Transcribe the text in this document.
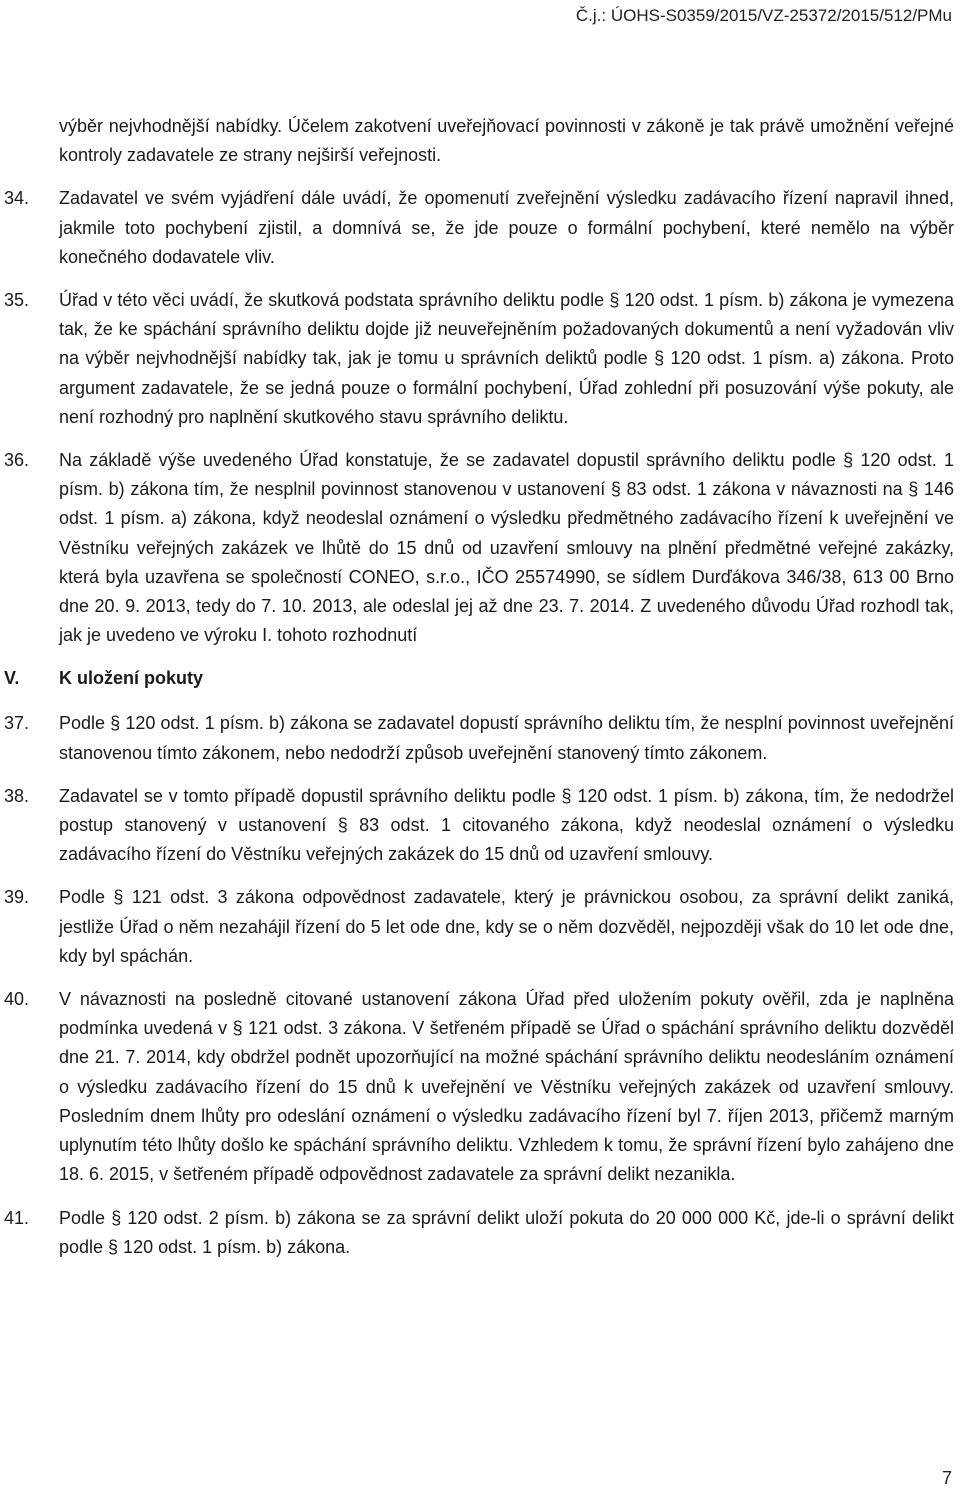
Č.j.: ÚOHS-S0359/2015/VZ-25372/2015/512/PMu
výběr nejvhodnější nabídky. Účelem zakotvení uveřejňovací povinnosti v zákoně je tak právě umožnění veřejné kontroly zadavatele ze strany nejširší veřejnosti.
34.	Zadavatel ve svém vyjádření dále uvádí, že opomenutí zveřejnění výsledku zadávacího řízení napravil ihned, jakmile toto pochybení zjistil, a domnívá se, že jde pouze o formální pochybení, které nemělo na výběr konečného dodavatele vliv.
35.	Úřad v této věci uvádí, že skutková podstata správního deliktu podle § 120 odst. 1 písm. b) zákona je vymezena tak, že ke spáchání správního deliktu dojde již neuveřejněním požadovaných dokumentů a není vyžadován vliv na výběr nejvhodnější nabídky tak, jak je tomu u správních deliktů podle § 120 odst. 1 písm. a) zákona. Proto argument zadavatele, že se jedná pouze o formální pochybení, Úřad zohlední při posuzování výše pokuty, ale není rozhodný pro naplnění skutkového stavu správního deliktu.
36.	Na základě výše uvedeného Úřad konstatuje, že se zadavatel dopustil správního deliktu podle § 120 odst. 1 písm. b) zákona tím, že nesplnil povinnost stanovenou v ustanovení § 83 odst. 1 zákona v návaznosti na § 146 odst. 1 písm. a) zákona, když neodeslal oznámení o výsledku předmětného zadávacího řízení k uveřejnění ve Věstníku veřejných zakázek ve lhůtě do 15 dnů od uzavření smlouvy na plnění předmětné veřejné zakázky, která byla uzavřena se společností CONEO, s.r.o., IČO 25574990, se sídlem Durďákova 346/38, 613 00 Brno dne 20. 9. 2013, tedy do 7. 10. 2013, ale odeslal jej až dne 23. 7. 2014. Z uvedeného důvodu Úřad rozhodl tak, jak je uvedeno ve výroku I. tohoto rozhodnutí
V. K uložení pokuty
37.	Podle § 120 odst. 1 písm. b) zákona se zadavatel dopustí správního deliktu tím, že nesplní povinnost uveřejnění stanovenou tímto zákonem, nebo nedodrží způsob uveřejnění stanovený tímto zákonem.
38.	Zadavatel se v tomto případě dopustil správního deliktu podle § 120 odst. 1 písm. b) zákona, tím, že nedodržel postup stanovený v ustanovení § 83 odst. 1 citovaného zákona, když neodeslal oznámení o výsledku zadávacího řízení do Věstníku veřejných zakázek do 15 dnů od uzavření smlouvy.
39.	Podle § 121 odst. 3 zákona odpovědnost zadavatele, který je právnickou osobou, za správní delikt zaniká, jestliže Úřad o něm nezahájil řízení do 5 let ode dne, kdy se o něm dozvěděl, nejpozději však do 10 let ode dne, kdy byl spáchán.
40.	V návaznosti na posledně citované ustanovení zákona Úřad před uložením pokuty ověřil, zda je naplněna podmínka uvedená v § 121 odst. 3 zákona. V šetřeném případě se Úřad o spáchání správního deliktu dozvěděl dne 21. 7. 2014, kdy obdržel podnět upozorňující na možné spáchání správního deliktu neodesláním oznámení o výsledku zadávacího řízení do 15 dnů k uveřejnění ve Věstníku veřejných zakázek od uzavření smlouvy. Posledním dnem lhůty pro odeslání oznámení o výsledku zadávacího řízení byl 7. říjen 2013, přičemž marným uplynutím této lhůty došlo ke spáchání správního deliktu. Vzhledem k tomu, že správní řízení bylo zahájeno dne 18. 6. 2015, v šetřeném případě odpovědnost zadavatele za správní delikt nezanikla.
41.	Podle § 120 odst. 2 písm. b) zákona se za správní delikt uloží pokuta do 20 000 000 Kč, jde-li o správní delikt podle § 120 odst. 1 písm. b) zákona.
7
